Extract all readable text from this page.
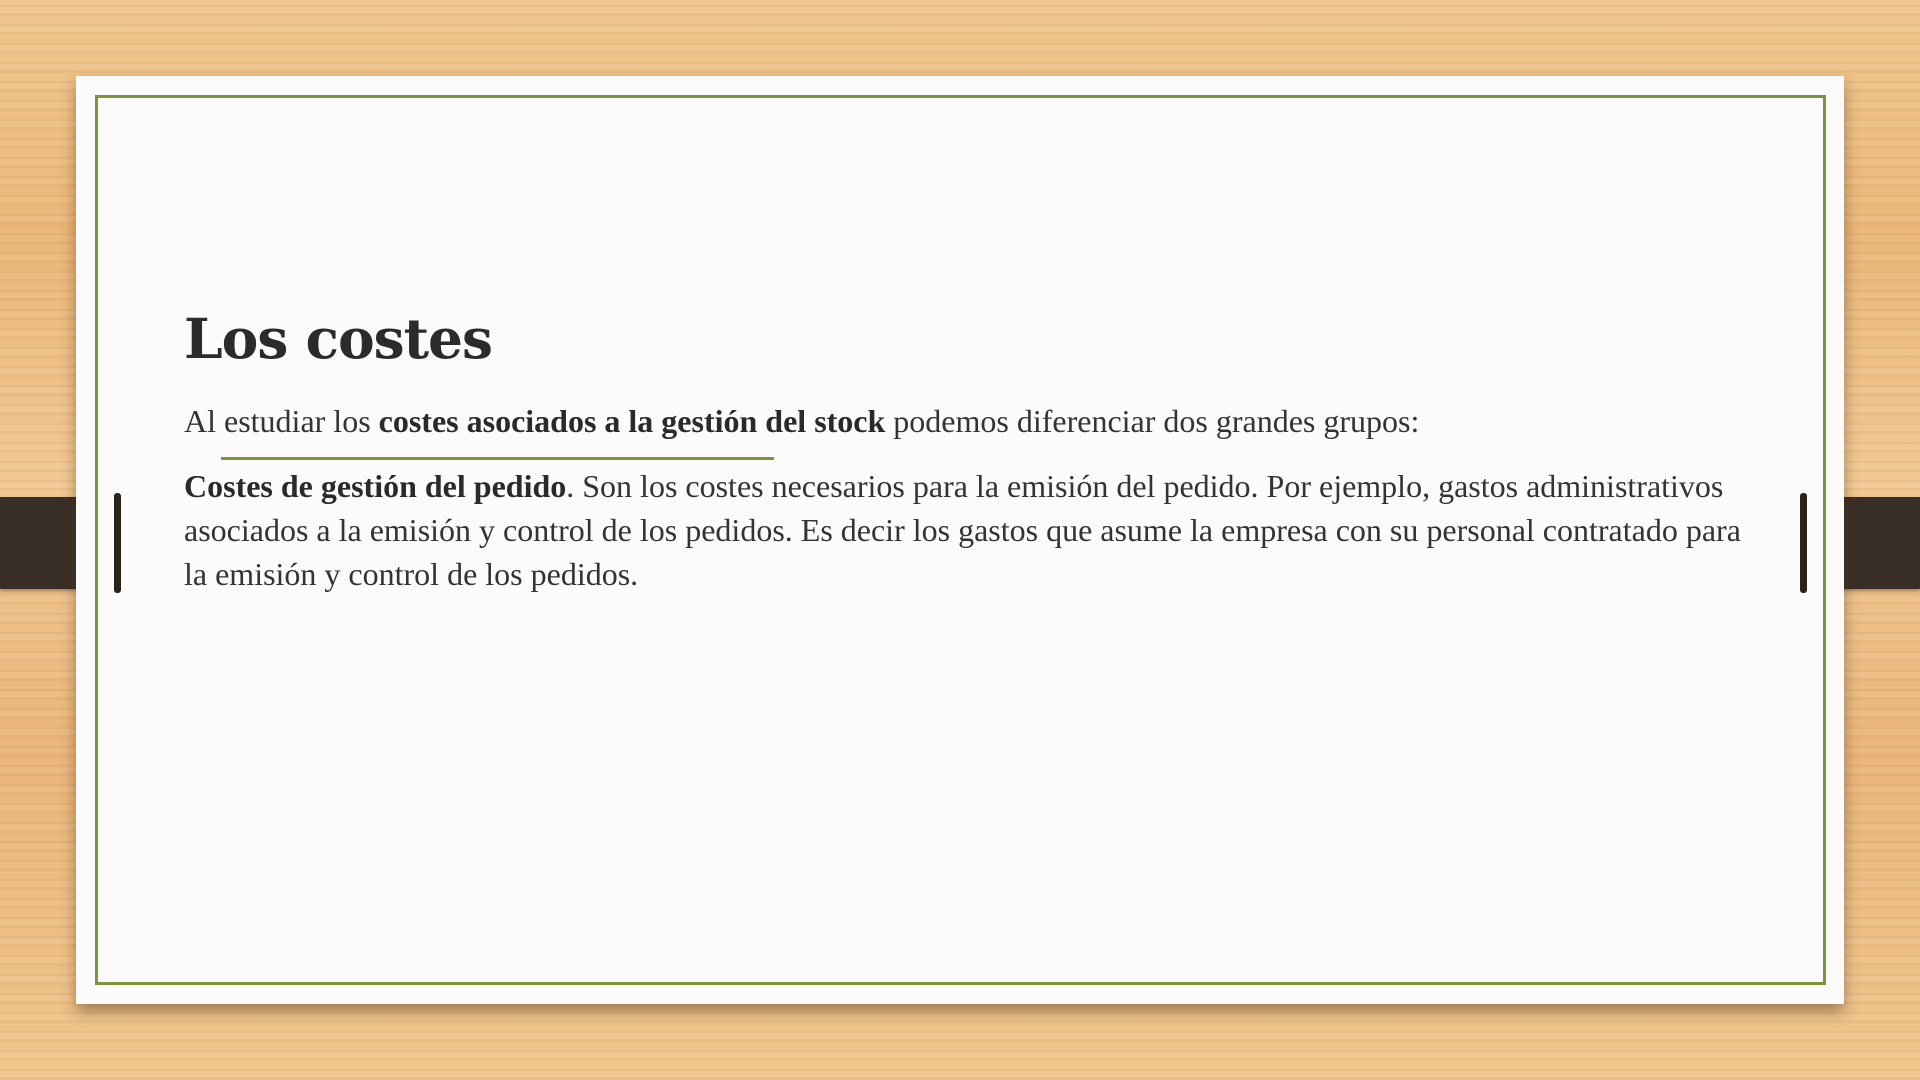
Los costes

Al estudiar los costes asociados a la gestión del stock podemos diferenciar dos grandes grupos:

Costes de gestión del pedido. Son los costes necesarios para la emisión del pedido. Por ejemplo, gastos administrativos asociados a la emisión y control de los pedidos. Es decir los gastos que asume la empresa con su personal contratado para la emisión y control de los pedidos.
